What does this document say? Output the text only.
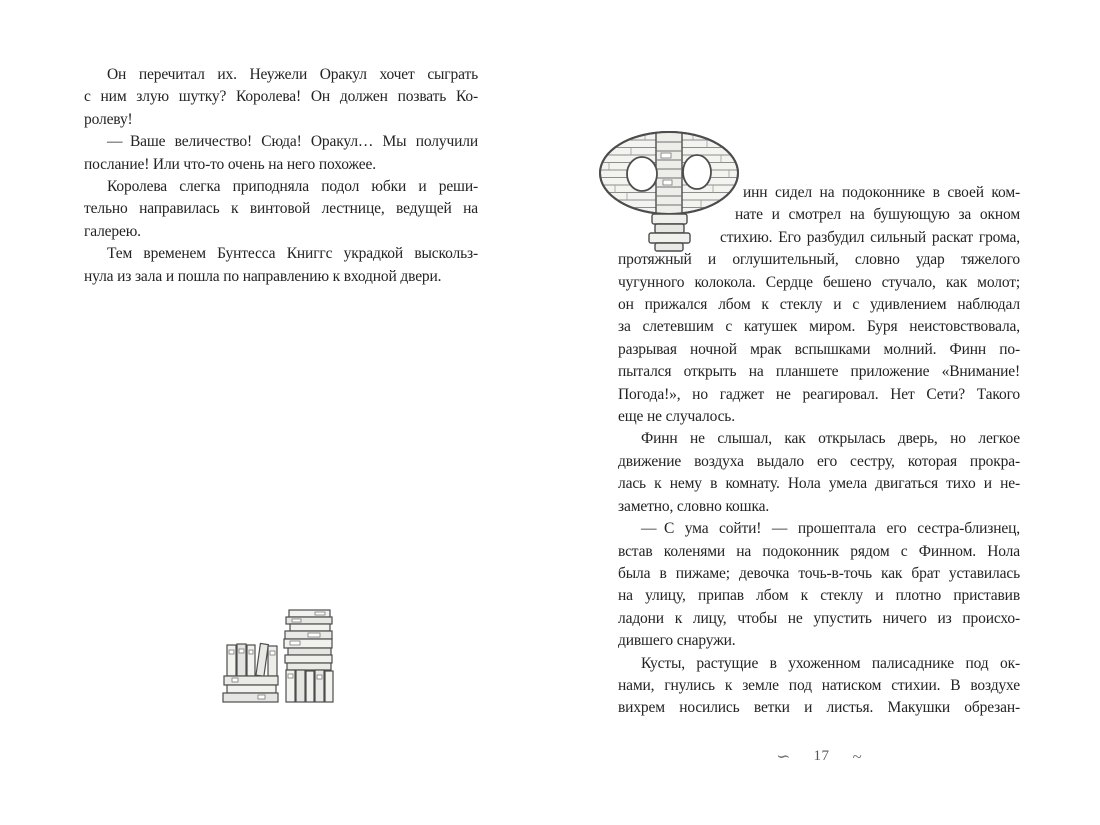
Он перечитал их. Неужели Оракул хочет сыграть
с ним злую шутку? Королева! Он должен позвать Ко-
ролеву!
— Ваше величество! Сюда! Оракул… Мы получили
послание! Или что-то очень на него похожее.
Королева слегка приподняла подол юбки и реши-
тельно направилась к винтовой лестнице, ведущей на
галерею.
Тем временем Бунтесса Книггс украдкой выскольз-
нула из зала и пошла по направлению к входной двери.
инн сидел на подоконнике в своей ком-
нате и смотрел на бушующую за окном
стихию. Его разбудил сильный раскат грома,
протяжный и оглушительный, словно удар тяжелого
чугунного колокола. Сердце бешено стучало, как молот;
он прижался лбом к стеклу и с удивлением наблюдал
за слетевшим с катушек миром. Буря неистовствовала,
разрывая ночной мрак вспышками молний. Финн по-
пытался открыть на планшете приложение «Внимание!
Погода!», но гаджет не реагировал. Нет Сети? Такого
еще не случалось.
Финн не слышал, как открылась дверь, но легкое
движение воздуха выдало его сестру, которая прокра-
лась к нему в комнату. Нола умела двигаться тихо и не-
заметно, словно кошка.
— С ума сойти! — прошептала его сестра-близнец,
встав коленями на подоконник рядом с Финном. Нола
была в пижаме; девочка точь-в-точь как брат уставилась
на улицу, припав лбом к стеклу и плотно приставив
ладони к лицу, чтобы не упустить ничего из происхо-
дившего снаружи.
Кусты, растущие в ухоженном палисаднике под ок-
нами, гнулись к земле под натиском стихии. В воздухе
вихрем носились ветки и листья. Макушки обрезан-
∽ 17 ~
